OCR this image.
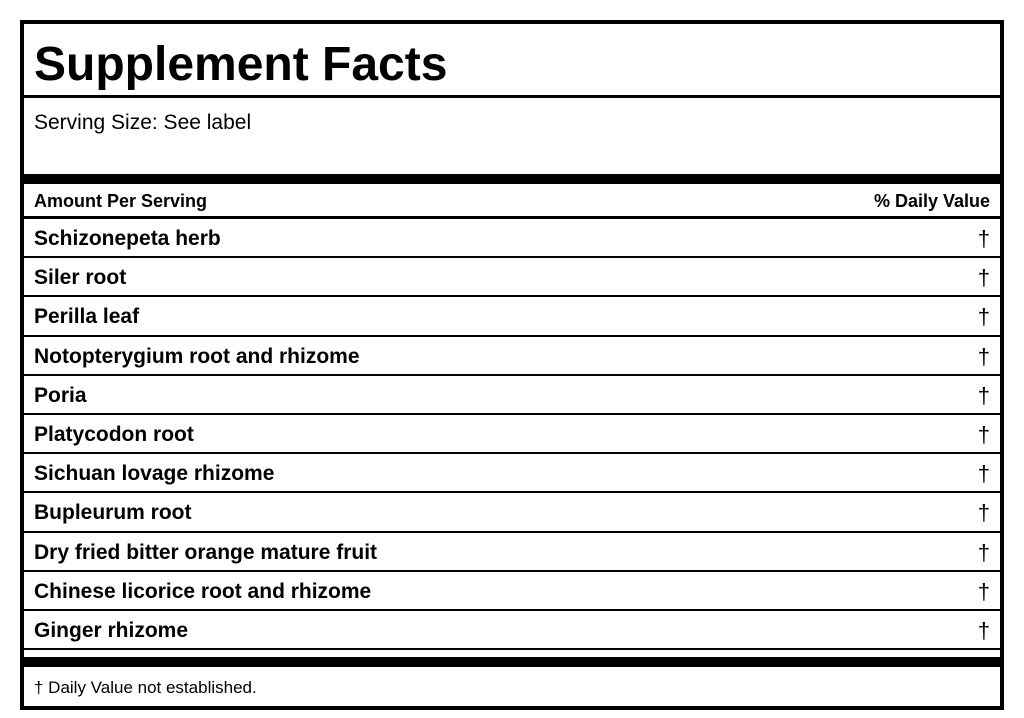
Supplement Facts
Serving Size: See label
Amount Per Serving	% Daily Value
Schizonepeta herb	†
Siler root	†
Perilla leaf	†
Notopterygium root and rhizome	†
Poria	†
Platycodon root	†
Sichuan lovage rhizome	†
Bupleurum root	†
Dry fried bitter orange mature fruit	†
Chinese licorice root and rhizome	†
Ginger rhizome	†
† Daily Value not established.
